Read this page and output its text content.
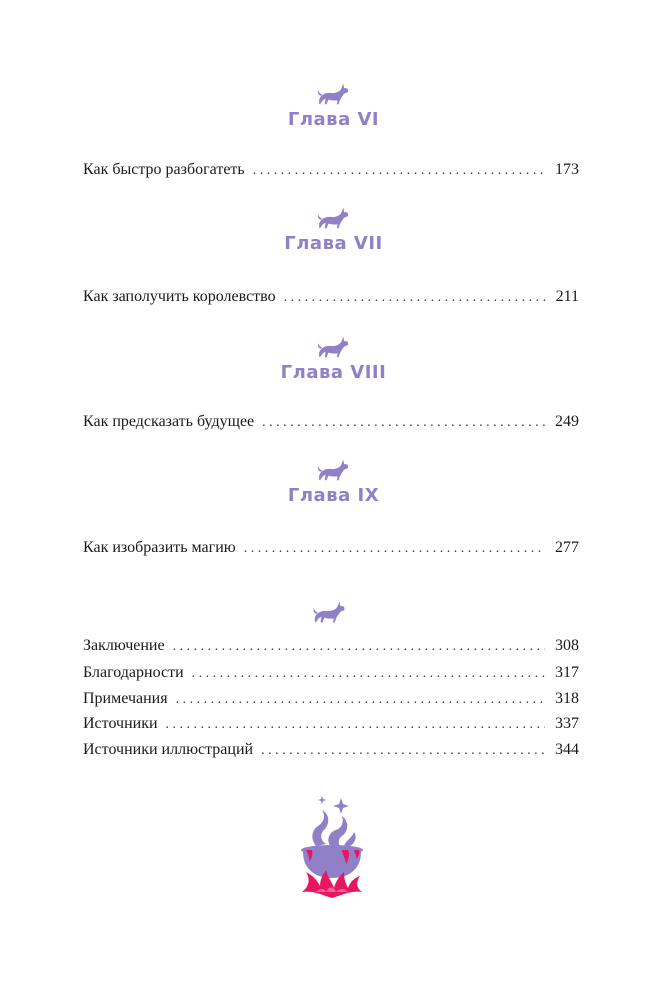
Глава VI
Как быстро разбогатеть . . .	173
Глава VII
Как заполучить королевство . . .	211
Глава VIII
Как предсказать будущее . . .	249
Глава IX
Как изобразить магию . . .	277
Заключение . . .	308
Благодарности . . .	317
Примечания . . .	318
Источники . . .	337
Источники иллюстраций . . .	344
